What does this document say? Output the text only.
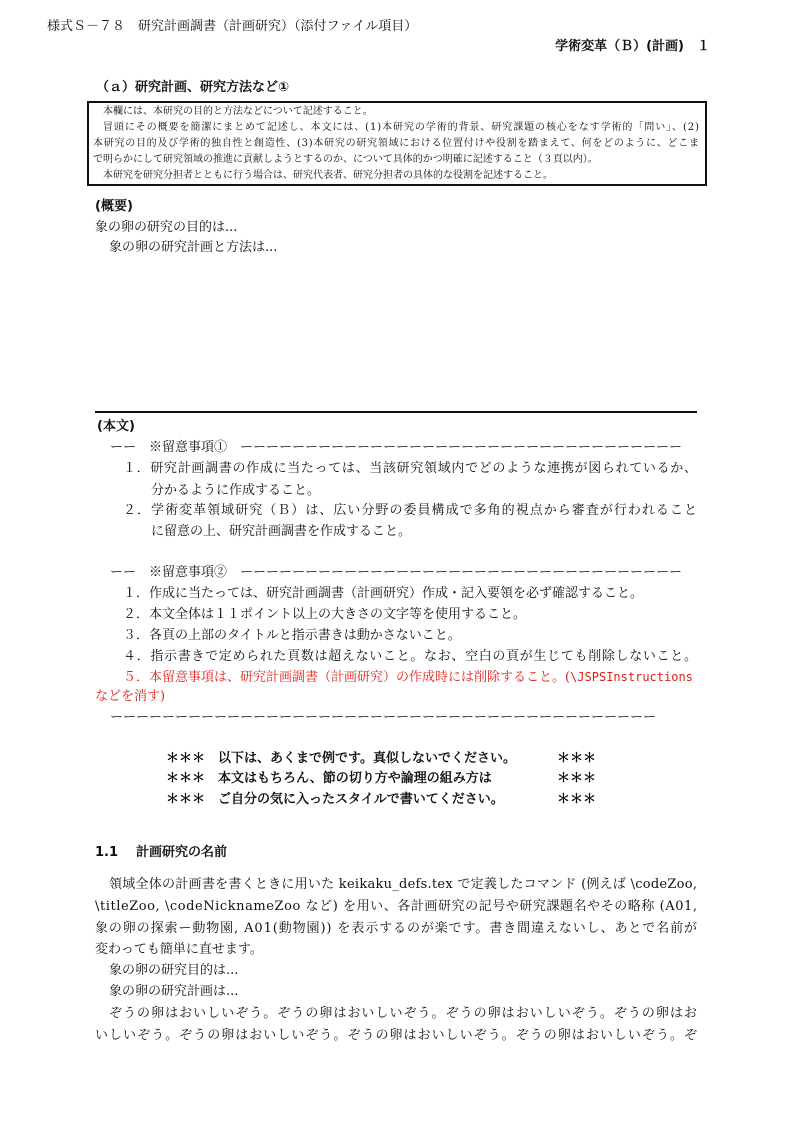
様式Ｓ－７８　研究計画調書（計画研究）（添付ファイル項目）
学術変革（Ｂ）(計画)　１
（ａ）研究計画、研究方法など①
本欄には、本研究の目的と方法などについて記述すること。
冒頭にその概要を簡潔にまとめて記述し、本文には、(1)本研究の学術的背景、研究課題の核心をなす学術的「問い」、(2)
本研究の目的及び学術的独自性と創造性、(3)本研究の研究領域における位置付けや役割を踏まえて、何をどのように、どこま
で明らかにして研究領域の推進に貢献しようとするのか、について具体的かつ明確に記述すること（３頁以内）。
本研究を研究分担者とともに行う場合は、研究代表者、研究分担者の具体的な役割を記述すること。
(概要)
象の卵の研究の目的は...
象の卵の研究計画と方法は...
(本文)
ーー　※留意事項①　ーーーーーーーーーーーーーーーーーーーーーーーーーーーーーーーーーー
１．研究計画調書の作成に当たっては、当該研究領域内でどのような連携が図られているか、
分かるように作成すること。
２．学術変革領域研究（Ｂ）は、広い分野の委員構成で多角的視点から審査が行われること
に留意の上、研究計画調書を作成すること。
ーー　※留意事項②　ーーーーーーーーーーーーーーーーーーーーーーーーーーーーーーーーーー
１．作成に当たっては、研究計画調書（計画研究）作成・記入要領を必ず確認すること。
２．本文全体は１１ポイント以上の大きさの文字等を使用すること。
３．各頁の上部のタイトルと指示書きは動かさないこと。
４．指示書きで定められた頁数は超えないこと。なお、空白の頁が生じても削除しないこと。
５．本留意事項は、研究計画調書（計画研究）の作成時には削除すること。(\JSPSInstructions
などを消す)
ーーーーーーーーーーーーーーーーーーーーーーーーーーーーーーーーーーーーーーーーーー
＊＊＊　以下は、あくまで例です。真似しないでください。	＊＊＊
＊＊＊　本文はもちろん、節の切り方や論理の組み方は	＊＊＊
＊＊＊　ご自分の気に入ったスタイルで書いてください。	＊＊＊
1.1 計画研究の名前
領域全体の計画書を書くときに用いた keikaku_defs.tex で定義したコマンド (例えば \codeZoo,
\titleZoo, \codeNicknameZoo など) を用い、各計画研究の記号や研究課題名やその略称 (A01,
象の卵の探索ー動物園, A01(動物園)) を表示するのが楽です。書き間違えないし、あとで名前が
変わっても簡単に直せます。
象の卵の研究目的は...
象の卵の研究計画は...
ぞうの卵はおいしいぞう。ぞうの卵はおいしいぞう。ぞうの卵はおいしいぞう。ぞうの卵はお
いしいぞう。ぞうの卵はおいしいぞう。ぞうの卵はおいしいぞう。ぞうの卵はおいしいぞう。ぞ
